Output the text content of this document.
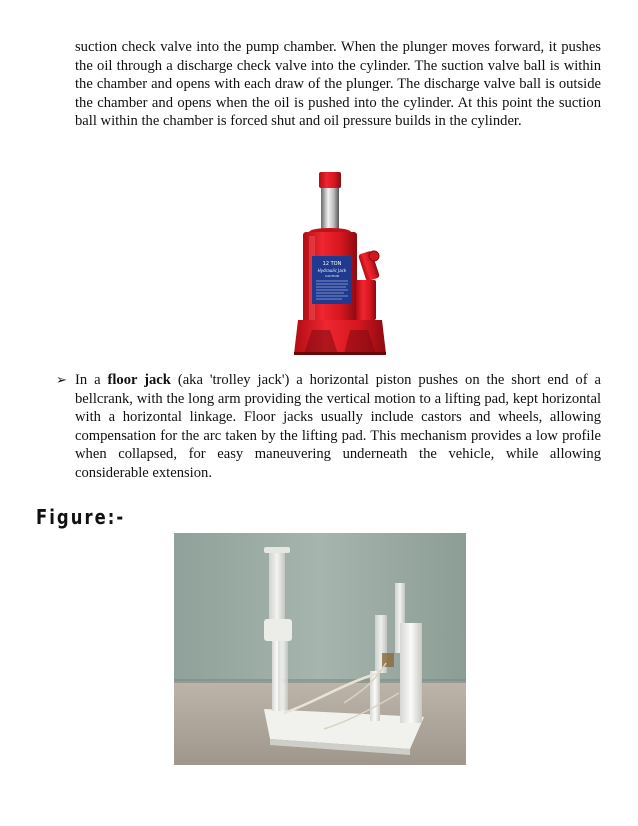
suction check valve into the pump chamber. When the plunger moves forward, it pushes the oil through a discharge check valve into the cylinder. The suction valve ball is within the chamber and opens with each draw of the plunger. The discharge valve ball is outside the chamber and opens when the oil is pushed into the cylinder. At this point the suction ball within the chamber is forced shut and oil pressure builds in the cylinder.

12 TON
Hydraulic Jack
CAUTION
➢ In a floor jack (aka 'trolley jack') a horizontal piston pushes on the short end of a bellcrank, with the long arm providing the vertical motion to a lifting pad, kept horizontal with a horizontal linkage. Floor jacks usually include castors and wheels, allowing compensation for the arc taken by the lifting pad. This mechanism provides a low profile when collapsed, for easy maneuvering underneath the vehicle, while allowing considerable extension.

Figure:-
